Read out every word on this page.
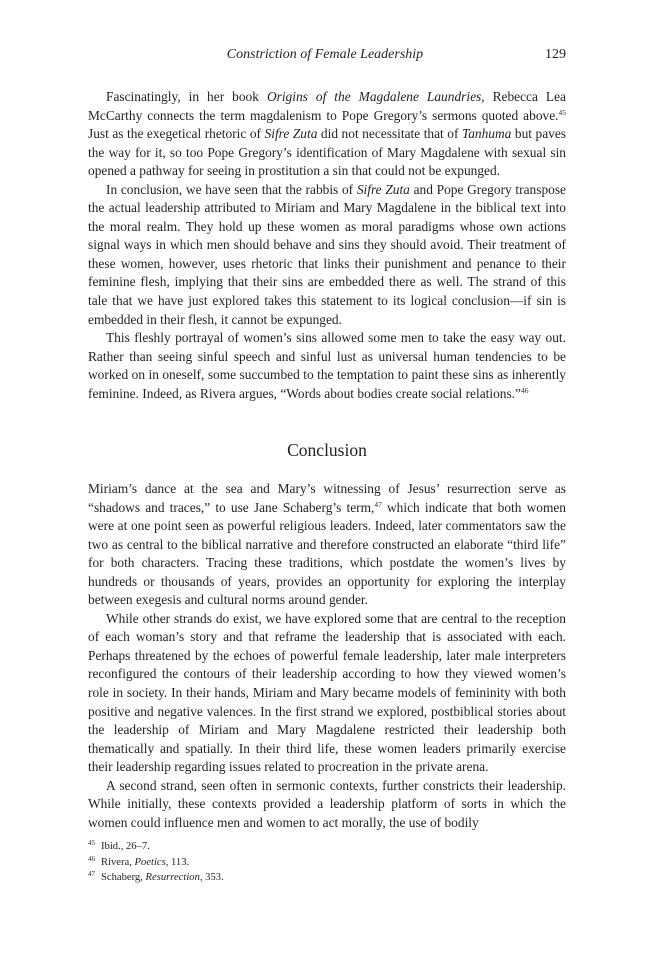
Constriction of Female Leadership	129

Fascinatingly, in her book Origins of the Magdalene Laundries, Rebecca Lea McCarthy connects the term magdalenism to Pope Gregory’s sermons quoted above.$^{45}$ Just as the exegetical rhetoric of Sifre Zuta did not necessitate that of Tanhuma but paves the way for it, so too Pope Gregory’s identification of Mary Magdalene with sexual sin opened a pathway for seeing in prostitution a sin that could not be expunged.

In conclusion, we have seen that the rabbis of Sifre Zuta and Pope Gregory transpose the actual leadership attributed to Miriam and Mary Magdalene in the biblical text into the moral realm. They hold up these women as moral paradigms whose own actions signal ways in which men should behave and sins they should avoid. Their treatment of these women, however, uses rhetoric that links their punishment and penance to their feminine flesh, implying that their sins are embedded there as well. The strand of this tale that we have just explored takes this statement to its logical conclusion—if sin is embedded in their flesh, it cannot be expunged.

This fleshly portrayal of women’s sins allowed some men to take the easy way out. Rather than seeing sinful speech and sinful lust as universal human tendencies to be worked on in oneself, some succumbed to the temptation to paint these sins as inherently feminine. Indeed, as Rivera argues, “Words about bodies create social relations.”$^{46}$

Conclusion

Miriam’s dance at the sea and Mary’s witnessing of Jesus’ resurrection serve as “shadows and traces,” to use Jane Schaberg’s term,$^{47}$ which indicate that both women were at one point seen as powerful religious leaders. Indeed, later commentators saw the two as central to the biblical narrative and therefore constructed an elaborate “third life” for both characters. Tracing these traditions, which postdate the women’s lives by hundreds or thousands of years, provides an opportunity for exploring the interplay between exegesis and cultural norms around gender.

While other strands do exist, we have explored some that are central to the reception of each woman’s story and that reframe the leadership that is associated with each. Perhaps threatened by the echoes of powerful female leadership, later male interpreters reconfigured the contours of their leadership according to how they viewed women’s role in society. In their hands, Miriam and Mary became models of femininity with both positive and negative valences. In the first strand we explored, postbiblical stories about the leadership of Miriam and Mary Magdalene restricted their leadership both thematically and spatially. In their third life, these women leaders primarily exercise their leadership regarding issues related to procreation in the private arena.

A second strand, seen often in sermonic contexts, further constricts their leadership. While initially, these contexts provided a leadership platform of sorts in which the women could influence men and women to act morally, the use of bodily

45 Ibid., 26–7.
46 Rivera, Poetics, 113.
47 Schaberg, Resurrection, 353.
